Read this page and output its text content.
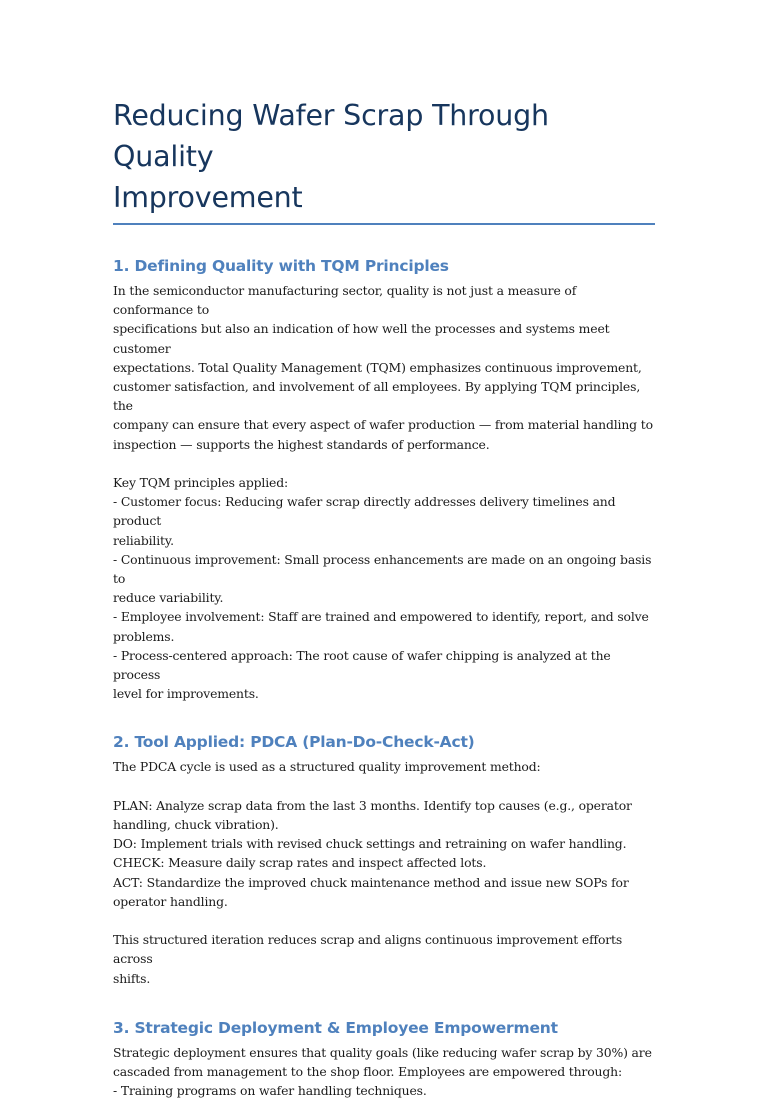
Reducing Wafer Scrap Through Quality
Improvement
1. Defining Quality with TQM Principles

In the semiconductor manufacturing sector, quality is not just a measure of conformance to
specifications but also an indication of how well the processes and systems meet customer
expectations. Total Quality Management (TQM) emphasizes continuous improvement,
customer satisfaction, and involvement of all employees. By applying TQM principles, the
company can ensure that every aspect of wafer production — from material handling to
inspection — supports the highest standards of performance.

Key TQM principles applied:

- Customer focus: Reducing wafer scrap directly addresses delivery timelines and product
reliability.

- Continuous improvement: Small process enhancements are made on an ongoing basis to
reduce variability.

- Employee involvement: Staff are trained and empowered to identify, report, and solve
problems.

- Process-centered approach: The root cause of wafer chipping is analyzed at the process
level for improvements.

2. Tool Applied: PDCA (Plan-Do-Check-Act)

The PDCA cycle is used as a structured quality improvement method:

PLAN: Analyze scrap data from the last 3 months. Identify top causes (e.g., operator
handling, chuck vibration).

DO: Implement trials with revised chuck settings and retraining on wafer handling.

CHECK: Measure daily scrap rates and inspect affected lots.

ACT: Standardize the improved chuck maintenance method and issue new SOPs for
operator handling.

This structured iteration reduces scrap and aligns continuous improvement efforts across
shifts.

3. Strategic Deployment & Employee Empowerment

Strategic deployment ensures that quality goals (like reducing wafer scrap by 30%) are
cascaded from management to the shop floor. Employees are empowered through:
- Training programs on wafer handling techniques.
